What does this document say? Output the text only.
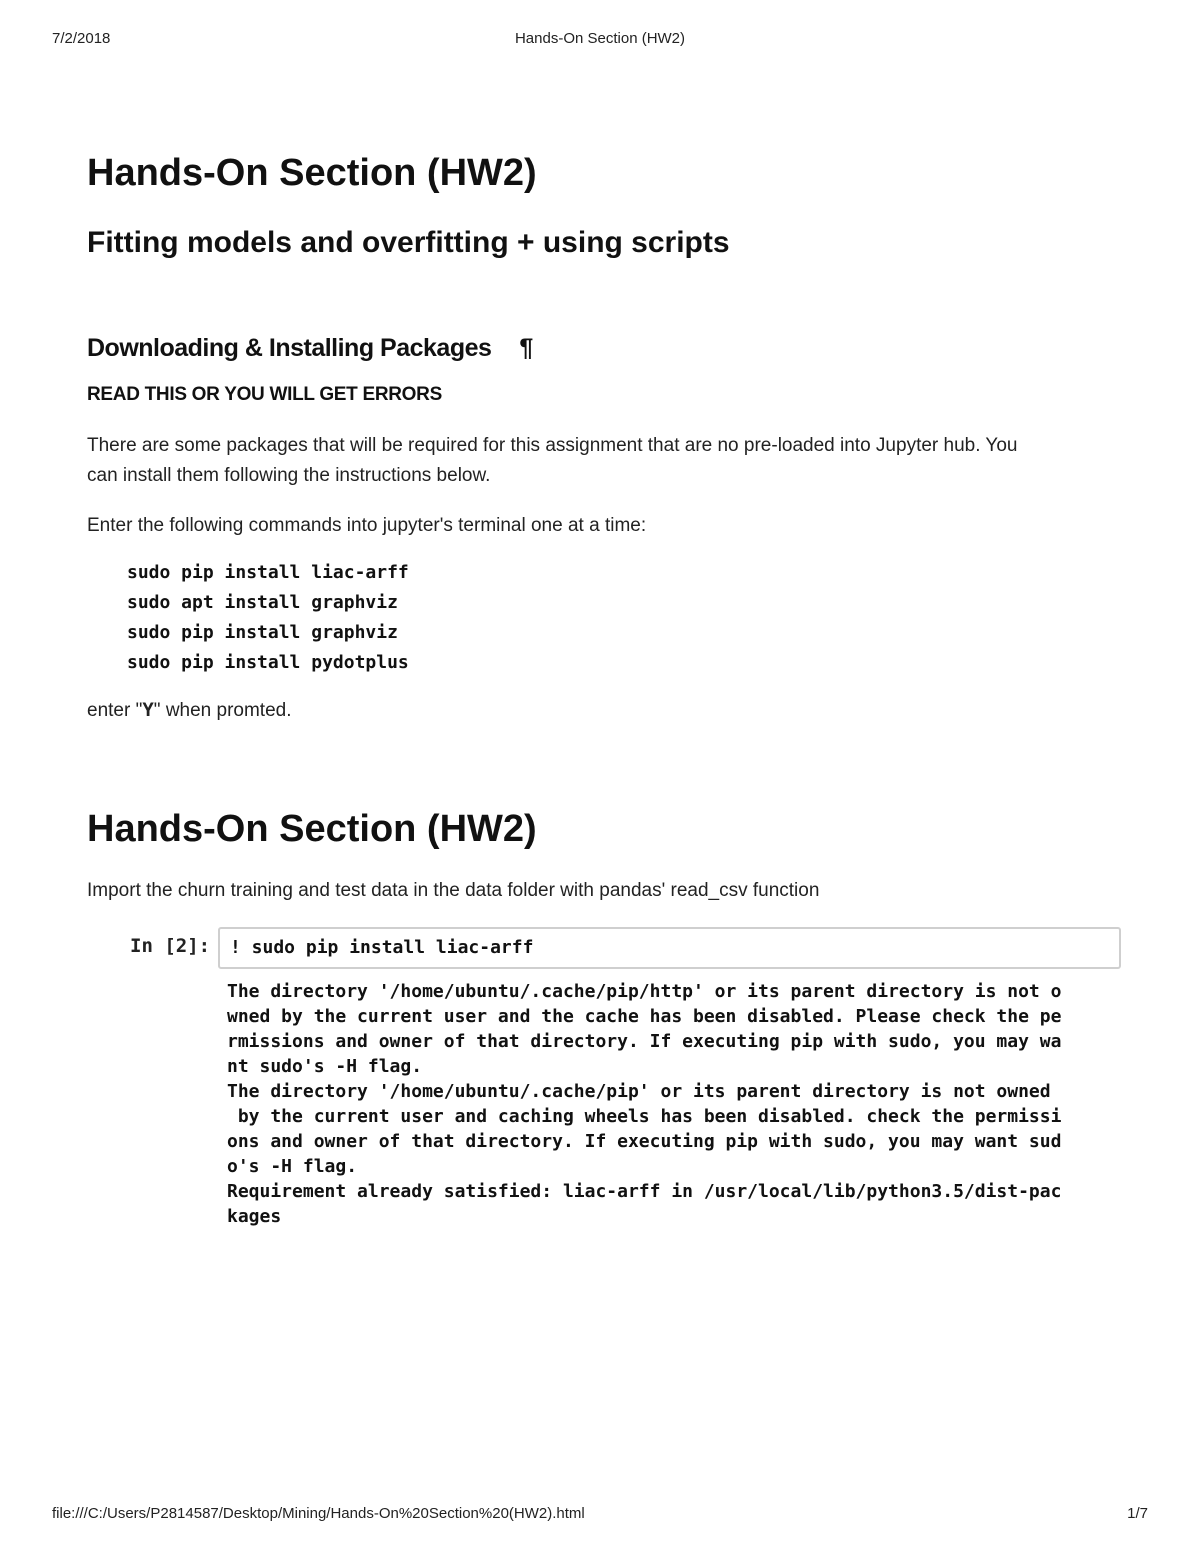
7/2/2018	Hands-On Section (HW2)
Hands-On Section (HW2)
Fitting models and overfitting + using scripts
Downloading & Installing Packages ¶
READ THIS OR YOU WILL GET ERRORS

There are some packages that will be required for this assignment that are no pre-loaded into Jupyter hub. You
can install them following the instructions below.

Enter the following commands into jupyter's terminal one at a time:

sudo pip install liac-arff
sudo apt install graphviz
sudo pip install graphviz
sudo pip install pydotplus

enter "Y" when promted.

Hands-On Section (HW2)

Import the churn training and test data in the data folder with pandas' read_csv function

In [2]:	! sudo pip install liac-arff
The directory '/home/ubuntu/.cache/pip/http' or its parent directory is not o
wned by the current user and the cache has been disabled. Please check the pe
rmissions and owner of that directory. If executing pip with sudo, you may wa
nt sudo's -H flag.
The directory '/home/ubuntu/.cache/pip' or its parent directory is not owned
by the current user and caching wheels has been disabled. check the permissi
ons and owner of that directory. If executing pip with sudo, you may want sud
o's -H flag.
Requirement already satisfied: liac-arff in /usr/local/lib/python3.5/dist-pac
kages
file:///C:/Users/P2814587/Desktop/Mining/Hands-On%20Section%20(HW2).html	1/7
